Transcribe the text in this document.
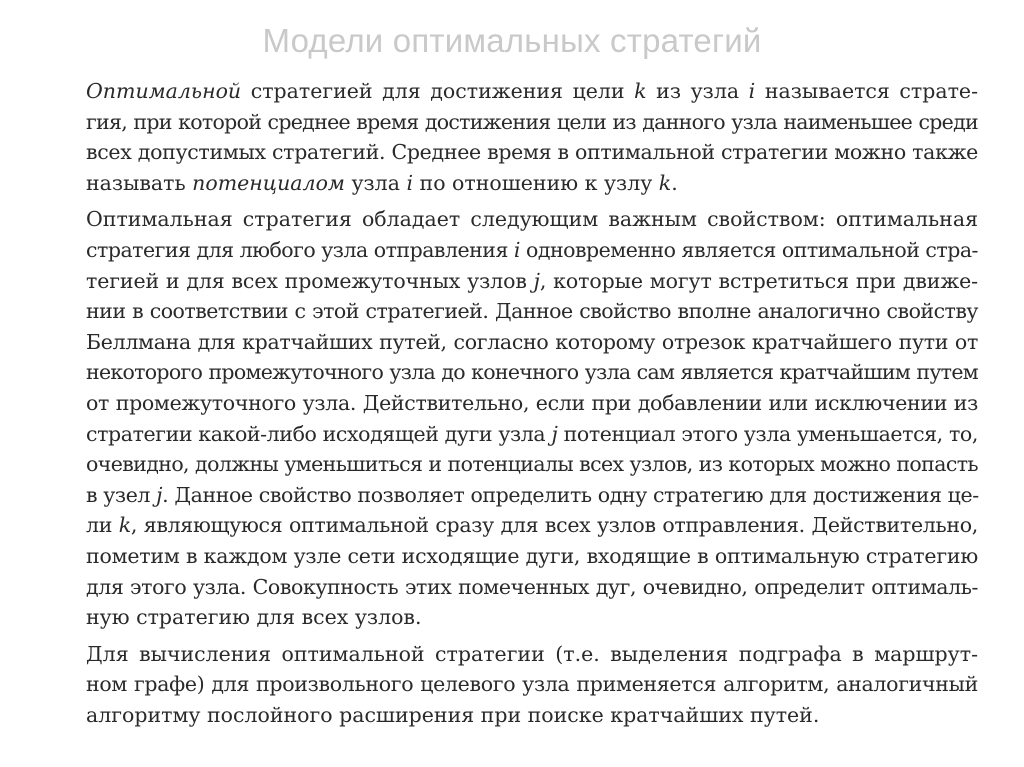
Модели оптимальных стратегий
Оптимальной стратегией для достижения цели k из узла i называется страте-
гия, при которой среднее время достижения цели из данного узла наименьшее среди
всех допустимых стратегий. Среднее время в оптимальной стратегии можно также
называть потенциалом узла i по отношению к узлу k.
Оптимальная стратегия обладает следующим важным свойством: оптимальная
стратегия для любого узла отправления i одновременно является оптимальной стра-
тегией и для всех промежуточных узлов j, которые могут встретиться при движе-
нии в соответствии с этой стратегией. Данное свойство вполне аналогично свойству
Беллмана для кратчайших путей, согласно которому отрезок кратчайшего пути от
некоторого промежуточного узла до конечного узла сам является кратчайшим путем
от промежуточного узла. Действительно, если при добавлении или исключении из
стратегии какой-либо исходящей дуги узла j потенциал этого узла уменьшается, то,
очевидно, должны уменьшиться и потенциалы всех узлов, из которых можно попасть
в узел j. Данное свойство позволяет определить одну стратегию для достижения це-
ли k, являющуюся оптимальной сразу для всех узлов отправления. Действительно,
пометим в каждом узле сети исходящие дуги, входящие в оптимальную стратегию
для этого узла. Совокупность этих помеченных дуг, очевидно, определит оптималь-
ную стратегию для всех узлов.
Для вычисления оптимальной стратегии (т.е. выделения подграфа в маршрут-
ном графе) для произвольного целевого узла применяется алгоритм, аналогичный
алгоритму послойного расширения при поиске кратчайших путей.
